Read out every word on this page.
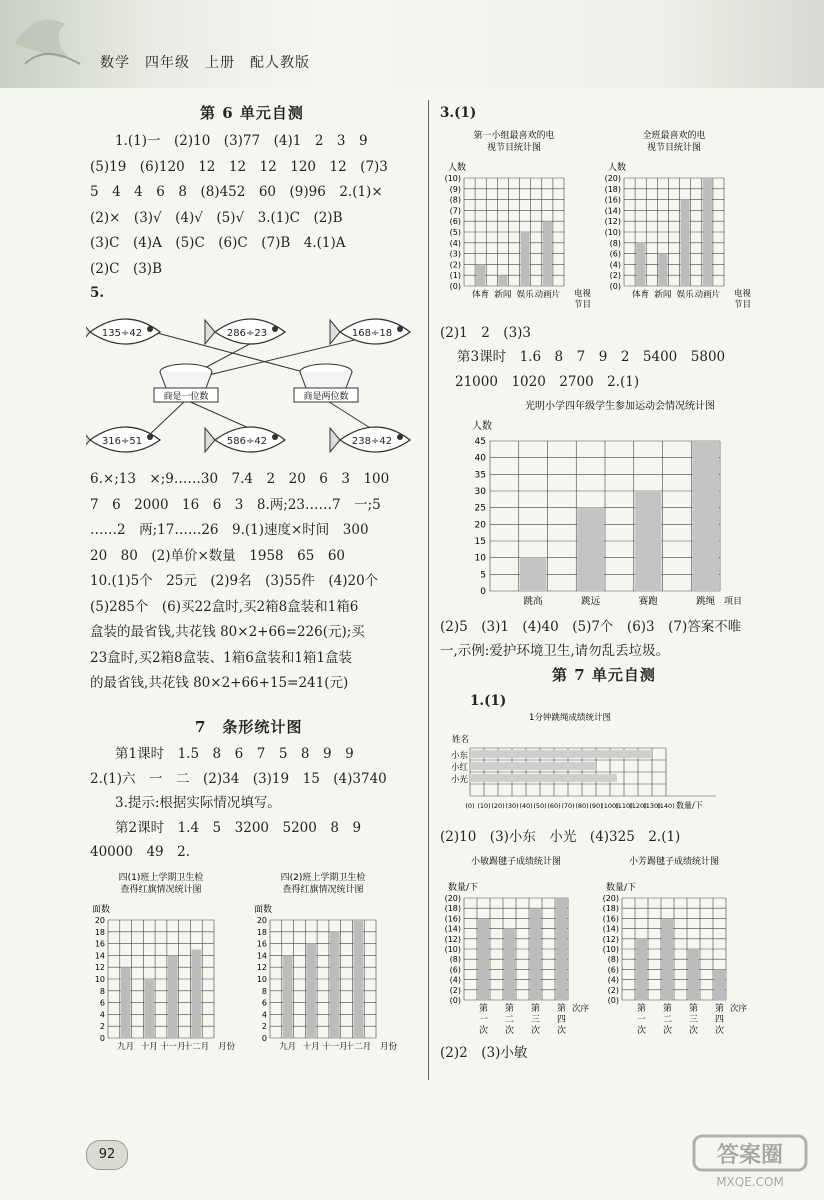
数学　四年级　上册　配人教版
第 6 单元自测
1.(1)一　(2)10　(3)77　(4)1　2　3　9
(5)19　(6)120　12　12　12　120　12　(7)3
5　4　4　6　8　(8)452　60　(9)96　2.(1)×
(2)×　(3)√　(4)√　(5)√　3.(1)C　(2)B
(3)C　(4)A　(5)C　(6)C　(7)B　4.(1)A
(2)C　(3)B
5.
135÷42	286÷23	168÷18
316÷51	586÷42	238÷42
商是一位数	商是两位数
6.×;13　×;9……30　7.4　2　20　6　3　100
7　6　2000　16　6　3　8.两;23……7　一;5
……2　两;17……26　9.(1)速度×时间　300
20　80　(2)单价×数量　1958　65　60
10.(1)5个　25元　(2)9名　(3)55件　(4)20个
(5)285个　(6)买22盒时,买2箱8盒装和1箱6
盒装的最省钱,共花钱 80×2+66=226(元);买
23盒时,买2箱8盒装、1箱6盒装和1箱1盒装
的最省钱,共花钱 80×2+66+15=241(元)
7　条形统计图
第1课时　1.5　8　6　7　5　8　9　9
2.(1)六　一　二　(2)34　(3)19　15　(4)3740
3.提示:根据实际情况填写。
第2课时　1.4　5　3200　5200　8　9
40000　49　2.
四(1)班上学期卫生检
查得红旗情况统计图
面数
0
2
4
6
8
10
12
14
16
18
20
九月 十月 十一月
十二月 月份
四(2)班上学期卫生检
查得红旗情况统计图
面数
0
2
4
6
8
10
12
14
16
18
20
九月 十月 十一月
十二月 月份
3.(1)
第一小组最喜欢的电
视节目统计图
人数
(0)
(1)
(2)
(3)
(4)
(5)
(6)
(7)
(8)
(9)
(10)
体育 新闻 娱乐 动画片 电视
节目
全班最喜欢的电
视节目统计图
人数
(0)
(2)
(4)
(6)
(8)
(10)
(12)
(14)
(16)
(18)
(20)
体育 新闻 娱乐 动画片 电视
节目
(2)1　2　(3)3
第3课时　1.6　8　7　9　2　5400　5800
21000　1020　2700　2.(1)
光明小学四年级学生参加运动会情况统计图
人数
0
5
10
15
20
25
30
35
40
45
跳高	跳远	赛跑	跳绳 项目
(2)5　(3)1　(4)40　(5)7个　(6)3　(7)答案不唯
一,示例:爱护环境卫生,请勿乱丢垃圾。
第 7 单元自测
1.(1)
1分钟跳绳成绩统计图
姓名
小东
小红
小光
(0) (10) (20) (30) (40) (50) (60) (70) (80) (90)
(100)
(110)
(120)
(130)
(140) 数量/下
(2)10　(3)小东　小光　(4)325　2.(1)
小敏踢毽子成绩统计图
数量/下
(0)
(2)
(4)
(6)
(8)
(10)
(12)
(14)
(16)
(18)
(20)
第
一
次
第
二
次
第
三
次
第
四
次
次序
小芳踢毽子成绩统计图
数量/下
(0)
(2)
(4)
(6)
(8)
(10)
(12)
(14)
(16)
(18)
(20)
第
一
次
第
二
次
第
三
次
第
四
次
次序
(2)2　(3)小敏
92	答案圈
MXQE.COM
